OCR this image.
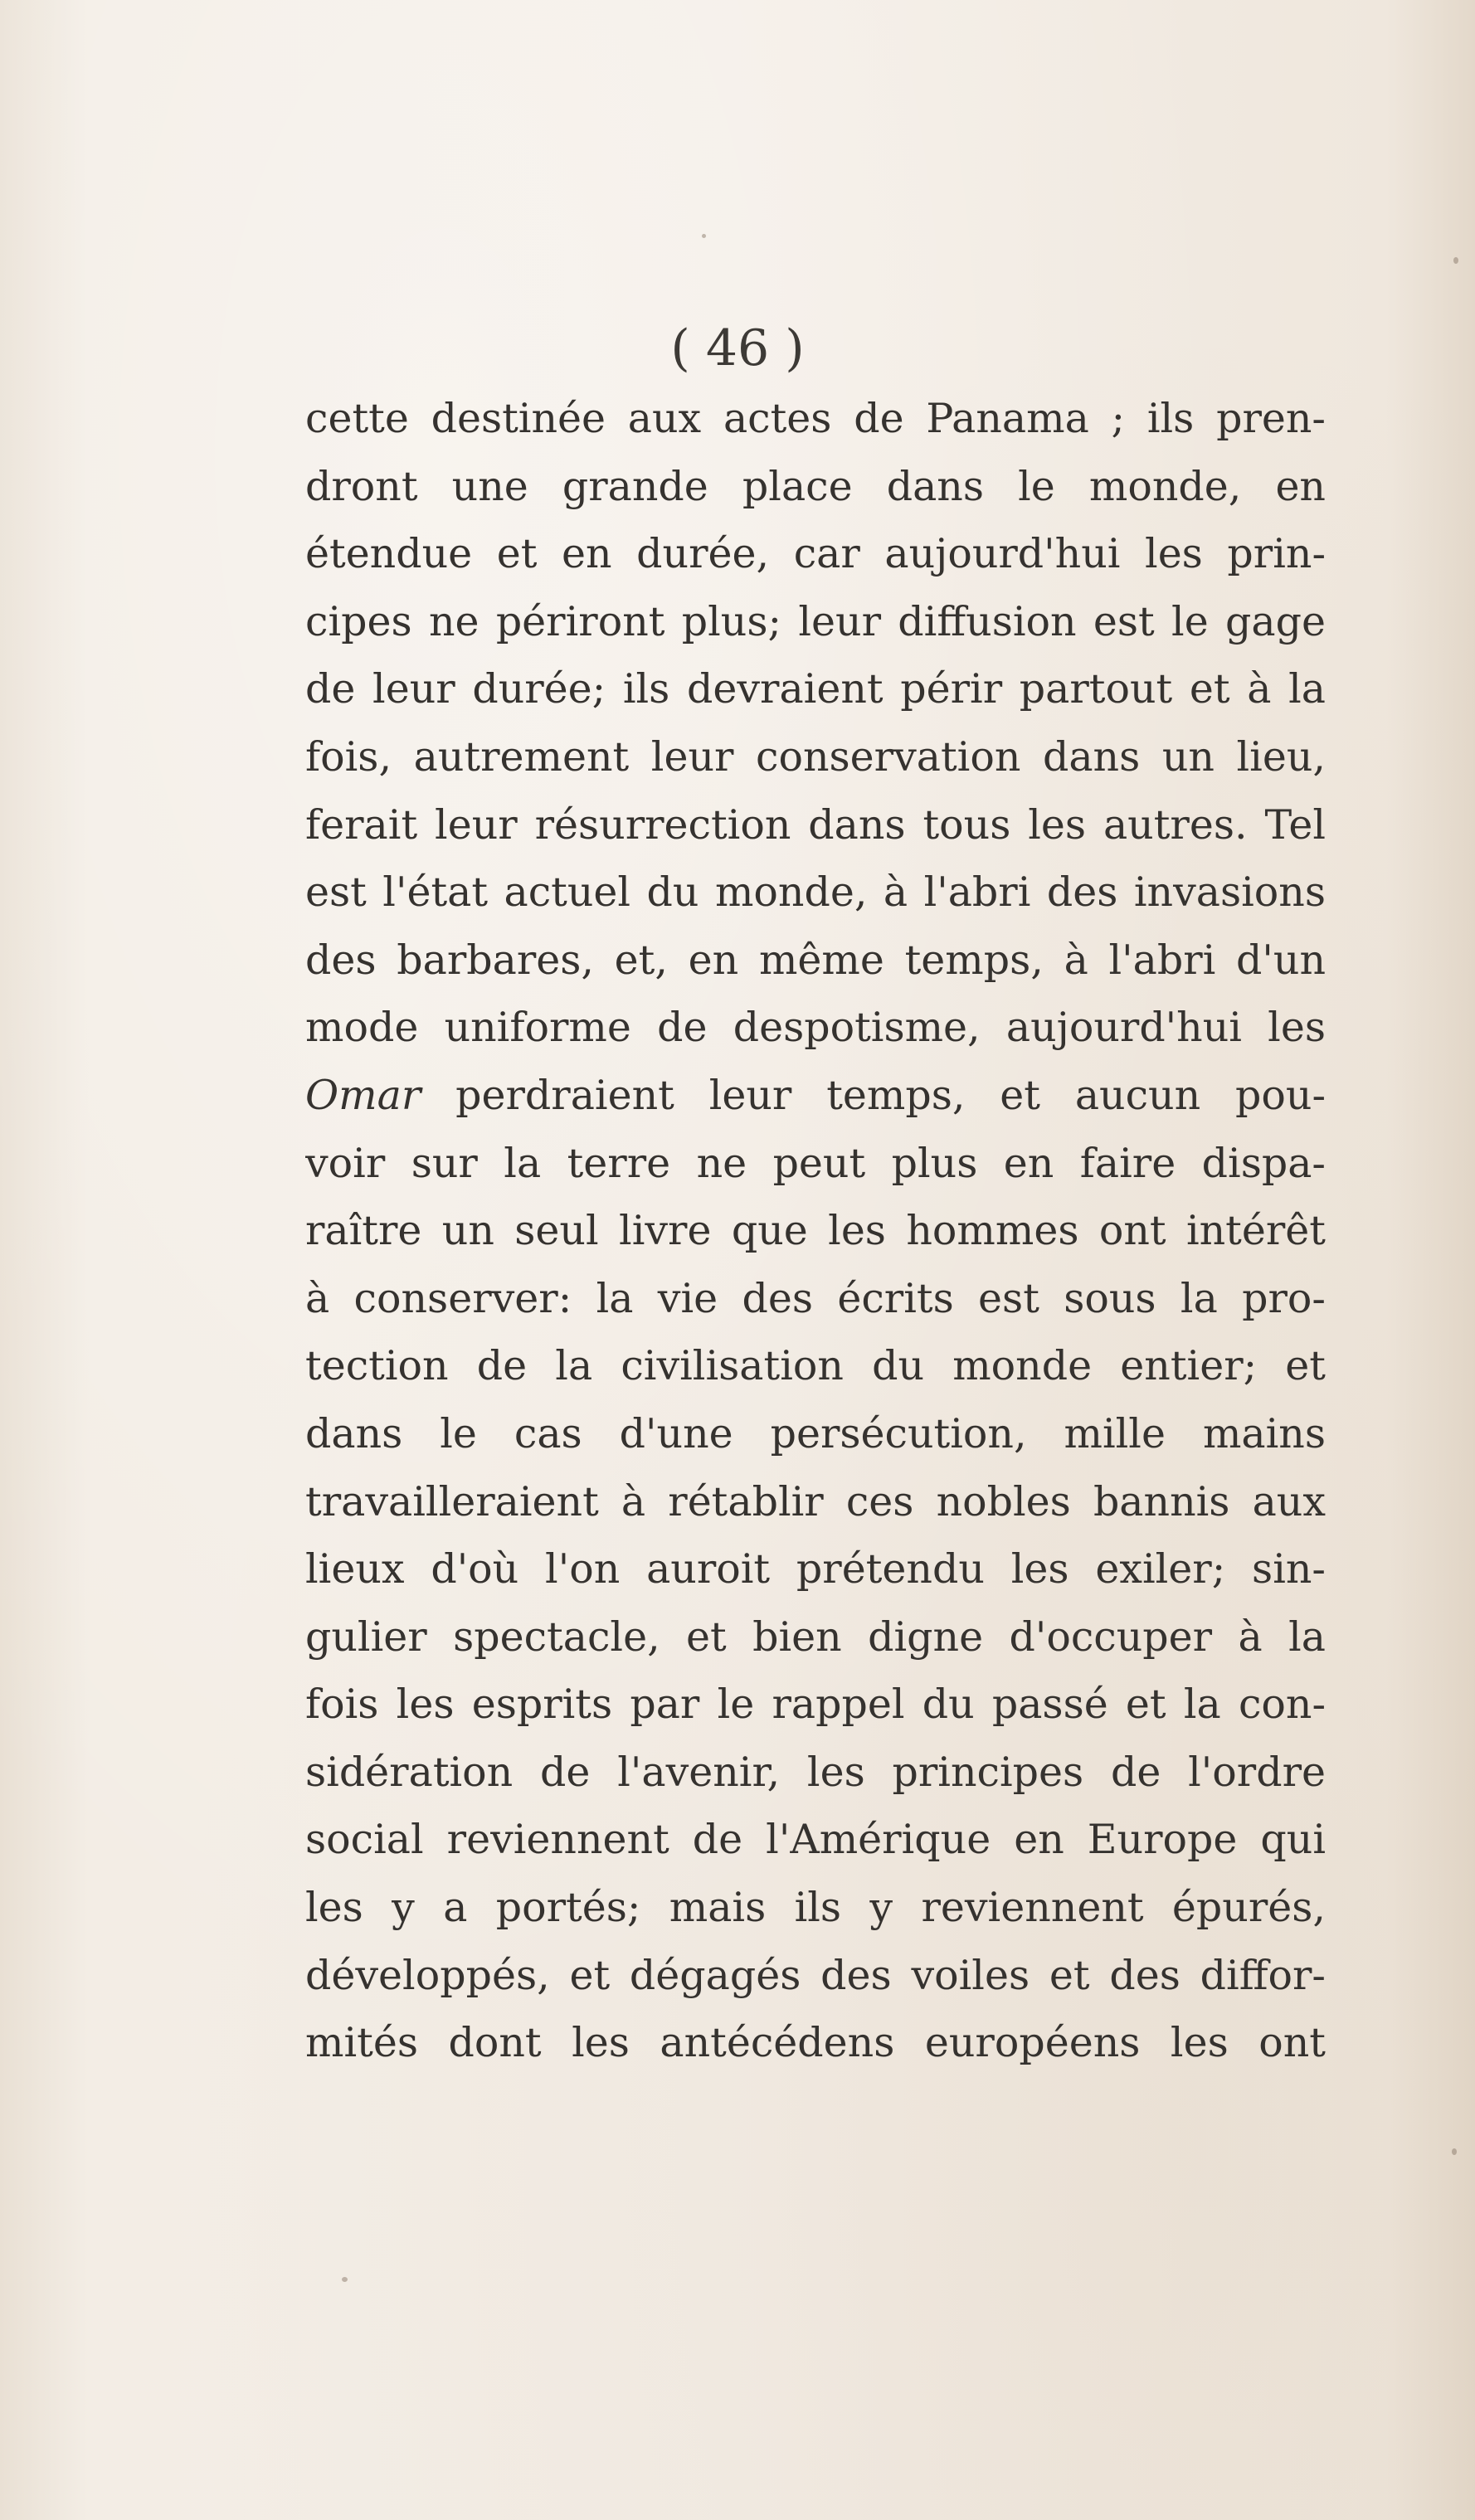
( 46 )
cette destinée aux actes de Panama ; ils pren-
dront une grande place dans le monde, en
étendue et en durée, car aujourd'hui les prin-
cipes ne périront plus; leur diffusion est le gage
de leur durée; ils devraient périr partout et à la
fois, autrement leur conservation dans un lieu,
ferait leur résurrection dans tous les autres. Tel
est l'état actuel du monde, à l'abri des invasions
des barbares, et, en même temps, à l'abri d'un
mode uniforme de despotisme, aujourd'hui les
Omar perdraient leur temps, et aucun pou-
voir sur la terre ne peut plus en faire dispa-
raître un seul livre que les hommes ont intérêt
à conserver: la vie des écrits est sous la pro-
tection de la civilisation du monde entier; et
dans le cas d'une persécution, mille mains
travailleraient à rétablir ces nobles bannis aux
lieux d'où l'on auroit prétendu les exiler; sin-
gulier spectacle, et bien digne d'occuper à la
fois les esprits par le rappel du passé et la con-
sidération de l'avenir, les principes de l'ordre
social reviennent de l'Amérique en Europe qui
les y a portés; mais ils y reviennent épurés,
développés, et dégagés des voiles et des diffor-
mités dont les antécédens européens les ont
